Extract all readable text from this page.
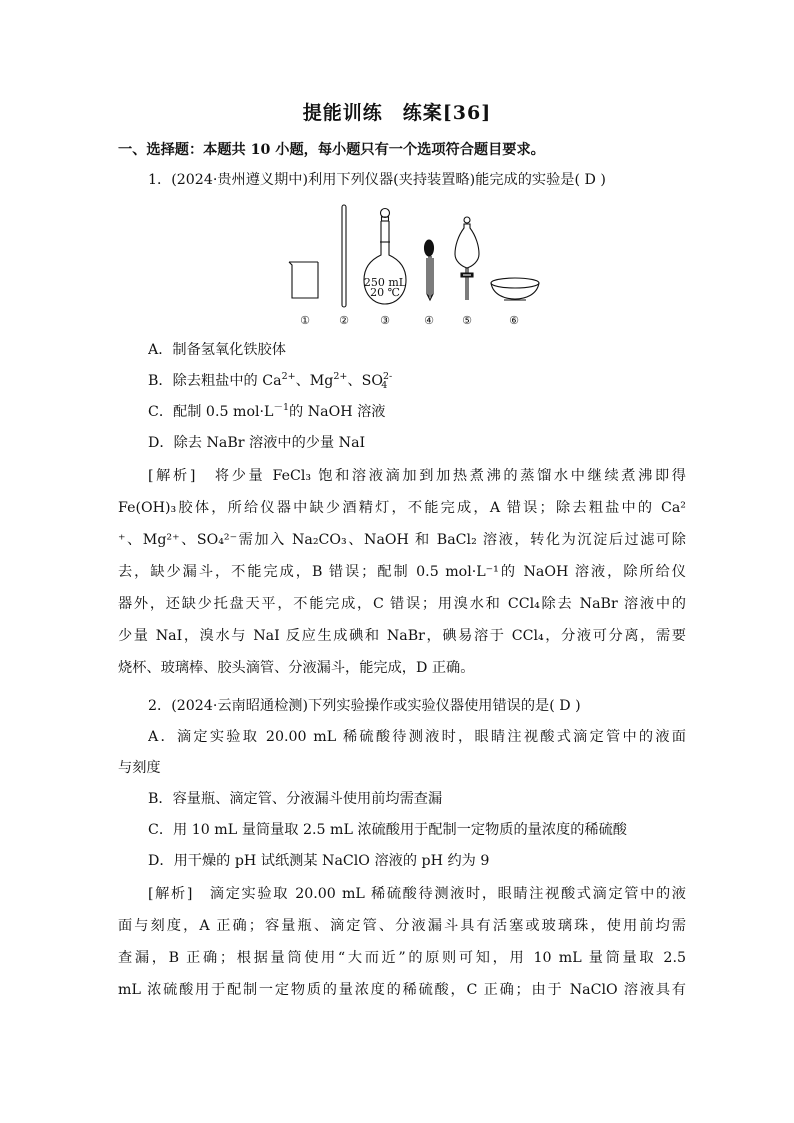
提能训练　练案[36]
一、选择题：本题共 10 小题，每小题只有一个选项符合题目要求。
1．(2024·贵州遵义期中)利用下列仪器(夹持装置略)能完成的实验是( D )
250 mL
20 ℃
①	②	③	④	⑤	⑥
A．制备氢氧化铁胶体
B．除去粗盐中的 $Ca^{2+}$、$Mg^{2+}$、$SO^{2-}_4$
C．配制 0.5 $mol\cdot L^{-1}$的 NaOH 溶液
D．除去 NaBr 溶液中的少量 NaI
[解析]　 将少量 FeCl₃ 饱和溶液滴加到加热煮沸的蒸馏水中继续煮沸即得
Fe(OH)₃胶体，所给仪器中缺少酒精灯，不能完成，A 错误；除去粗盐中的 Ca²
⁺、Mg²⁺、SO₄²⁻需加入 Na₂CO₃、NaOH 和 BaCl₂ 溶液，转化为沉淀后过滤可除
去，缺少漏斗，不能完成，B 错误；配制 0.5 mol·L⁻¹的 NaOH 溶液，除所给仪
器外，还缺少托盘天平，不能完成，C 错误；用溴水和 CCl₄除去 NaBr 溶液中的
少量 NaI，溴水与 NaI 反应生成碘和 NaBr，碘易溶于 CCl₄，分液可分离，需要
烧杯、玻璃棒、胶头滴管、分液漏斗，能完成，D 正确。
2．(2024·云南昭通检测)下列实验操作或实验仪器使用错误的是( D )
A．滴定实验取 20.00 mL 稀硫酸待测液时，眼睛注视酸式滴定管中的液面
与刻度
B．容量瓶、滴定管、分液漏斗使用前均需查漏
C．用 10 mL 量筒量取 2.5 mL 浓硫酸用于配制一定物质的量浓度的稀硫酸
D．用干燥的 pH 试纸测某 NaClO 溶液的 pH 约为 9
[解析]　 滴定实验取 20.00 mL 稀硫酸待测液时，眼睛注视酸式滴定管中的液
面与刻度，A 正确；容量瓶、滴定管、分液漏斗具有活塞或玻璃珠，使用前均需
查漏，B 正确；根据量筒使用“大而近”的原则可知，用 10 mL 量筒量取 2.5
mL 浓硫酸用于配制一定物质的量浓度的稀硫酸，C 正确；由于 NaClO 溶液具有
